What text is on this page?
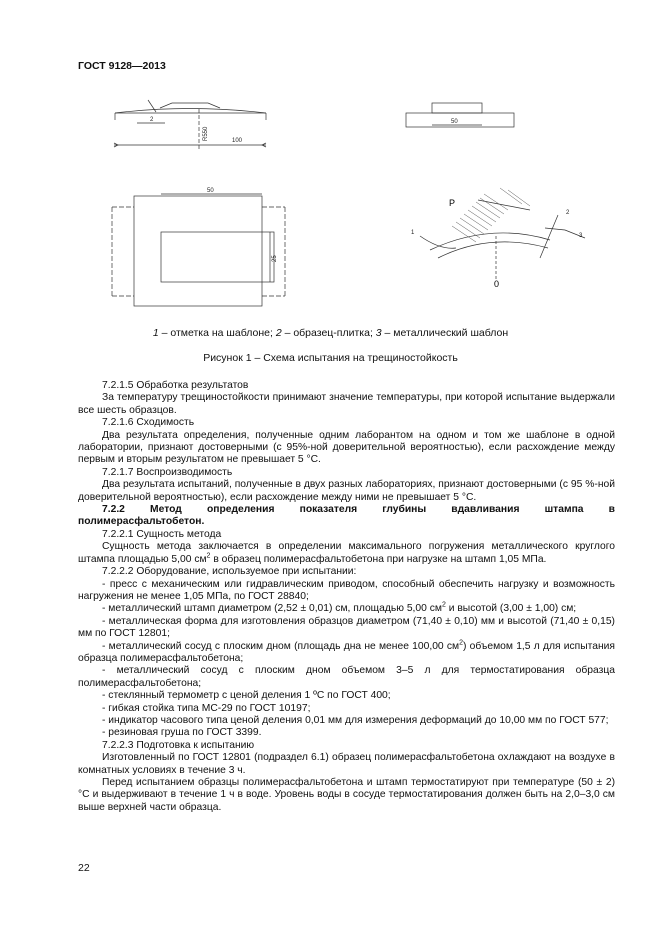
ГОСТ 9128—2013
2
R550	100
50
50
25
P
1
2
3
0
1 – отметка на шаблоне; 2 – образец-плитка; 3 – металлический шаблон
Рисунок 1 – Схема испытания на трещиностойкость

7.2.1.5 Обработка результатов

За температуру трещиностойкости принимают значение температуры, при которой испытание выдержали все шесть образцов.

7.2.1.6 Сходимость

Два результата определения, полученные одним лаборантом на одном и том же шаблоне в одной лаборатории, признают достоверными (с 95%-ной доверительной вероятностью), если расхождение между первым и вторым результатом не превышает 5 °С.

7.2.1.7 Воспроизводимость

Два результата испытаний, полученные в двух разных лабораториях, признают достоверными (с 95 %-ной доверительной вероятностью), если расхождение между ними не превышает 5 °С.

7.2.2 Метод определения показателя глубины вдавливания штампа в

полимерасфальтобетон.

7.2.2.1 Сущность метода

Сущность метода заключается в определении максимального погружения металлического круглого штампа площадью 5,00 $см^2$ в образец полимерасфальтобетона при нагрузке на штамп 1,05 МПа.

7.2.2.2 Оборудование, используемое при испытании:

- пресс с механическим или гидравлическим приводом, способный обеспечить нагрузку и возможность нагружения не менее 1,05 МПа, по ГОСТ 28840;

- металлический штамп диаметром (2,52 ± 0,01) см, площадью 5,00 $см^2$ и высотой (3,00 ± 1,00) см;

- металлическая форма для изготовления образцов диаметром (71,40 ± 0,10) мм и высотой (71,40 ± 0,15) мм по ГОСТ 12801;

- металлический сосуд с плоским дном (площадь дна не менее 100,00 $см^2$) объемом 1,5 л для испытания образца полимерасфальтобетона;

- металлический сосуд с плоским дном объемом 3–5 л для термостатирования образца полимерасфальтобетона;

- стеклянный термометр с ценой деления 1 ºС по ГОСТ 400;

- гибкая стойка типа МС-29 по ГОСТ 10197;

- индикатор часового типа ценой деления 0,01 мм для измерения деформаций до 10,00 мм по ГОСТ 577;

- резиновая груша по ГОСТ 3399.

7.2.2.3 Подготовка к испытанию

Изготовленный по ГОСТ 12801 (подраздел 6.1) образец полимерасфальтобетона охлаждают на воздухе в комнатных условиях в течение 3 ч.

Перед испытанием образцы полимерасфальтобетона и штамп термостатируют при температуре (50 ± 2) °С и выдерживают в течение 1 ч в воде. Уровень воды в сосуде термостатирования должен быть на 2,0–3,0 см выше верхней части образца.

22
